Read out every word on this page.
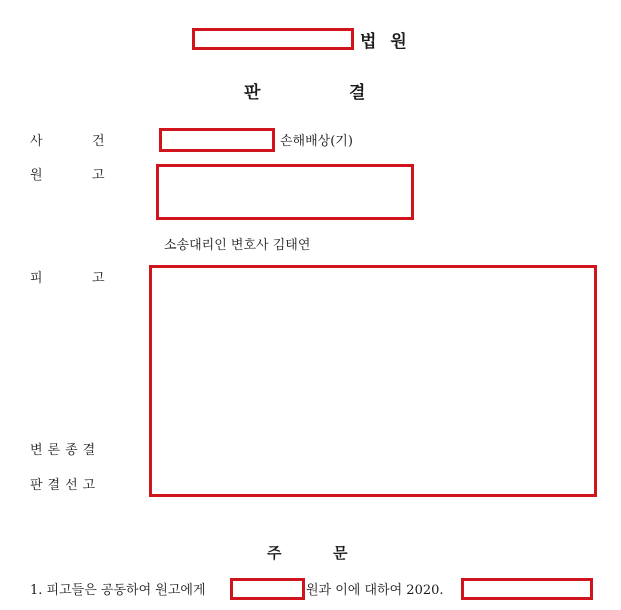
법 원
판	결
사	건	손해배상(기)
원	고
소송대리인 변호사 김태연
피	고
변론종결
판결선고
주	문
1. 피고들은 공동하여 원고에게	원과 이에 대하여 2020.
